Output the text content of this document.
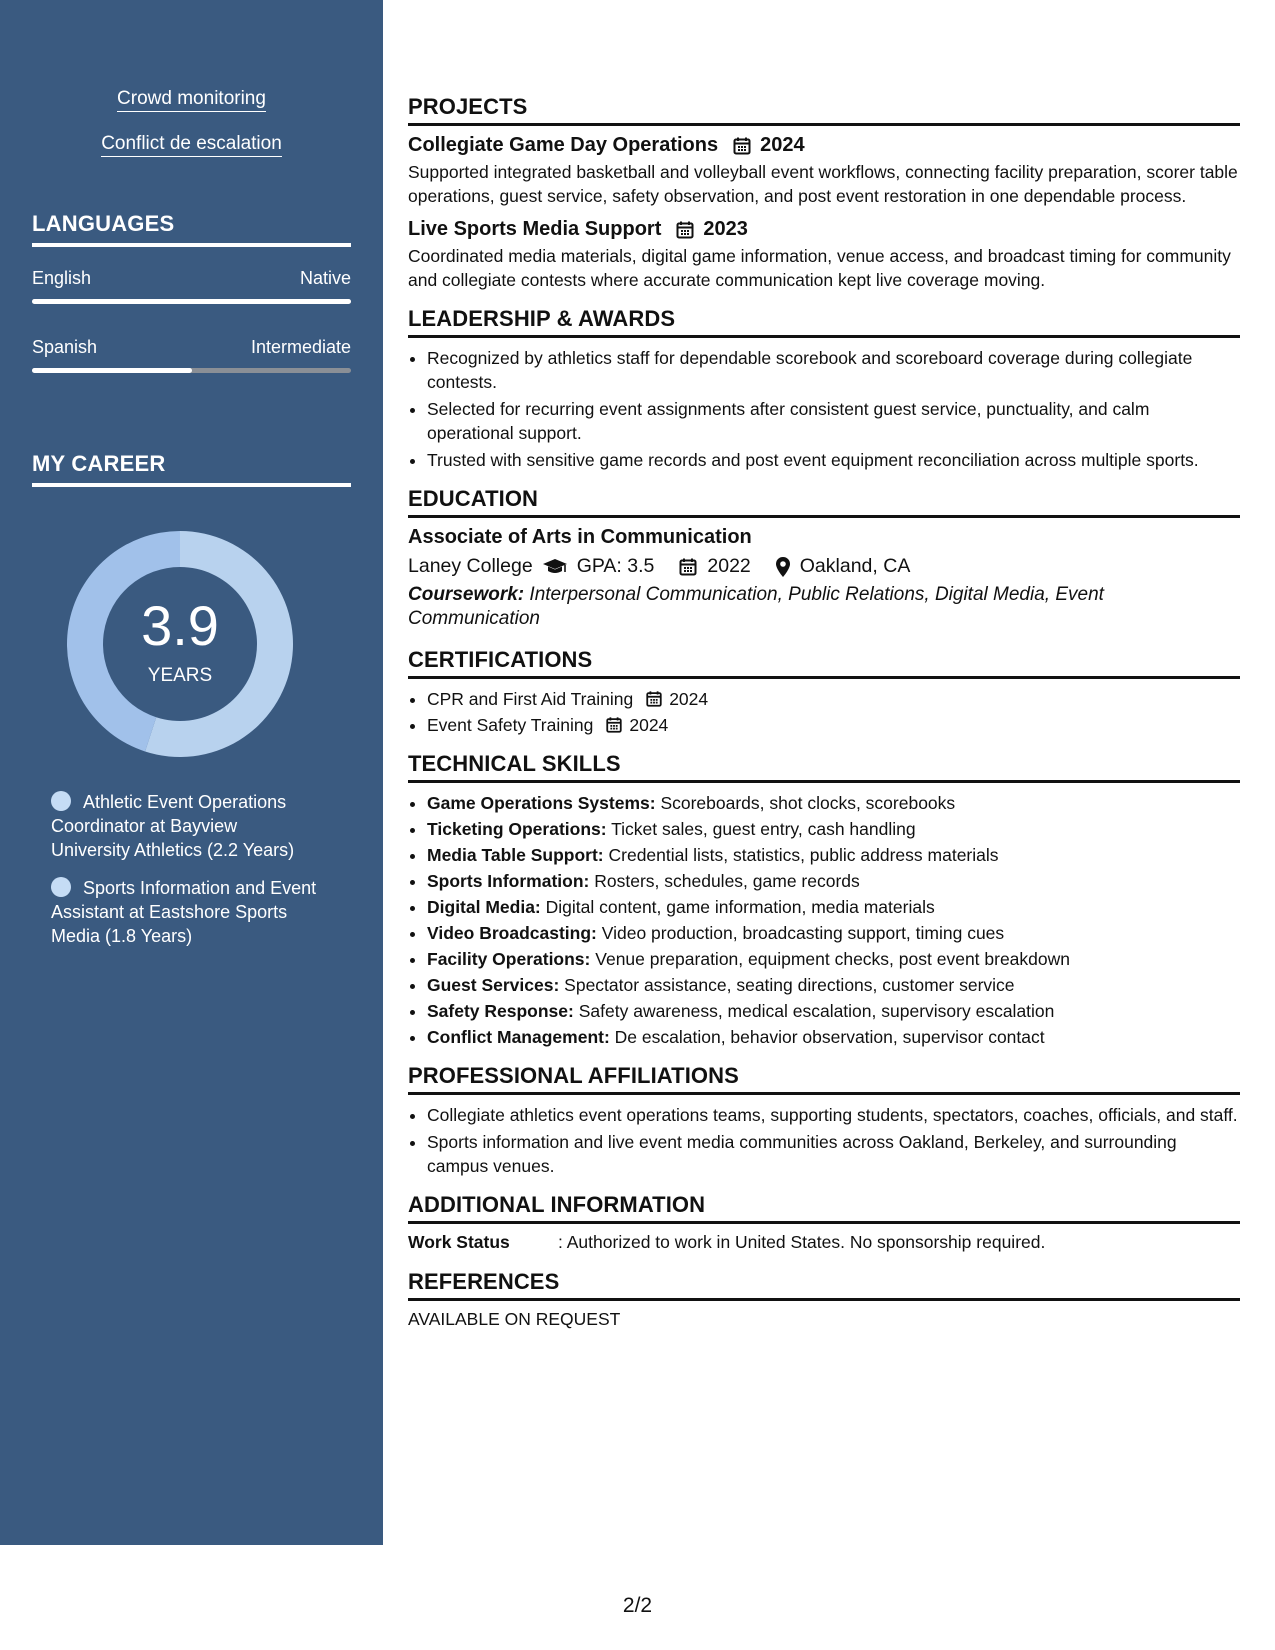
Crowd monitoring
Conflict de escalation
LANGUAGES
English	Native
Spanish	Intermediate
MY CAREER
3.9
YEARS
Athletic Event Operations Coordinator at Bayview University Athletics (2.2 Years)
Sports Information and Event Assistant at Eastshore Sports Media (1.8 Years)
PROJECTS
Collegiate Game Day Operations 2024
Supported integrated basketball and volleyball event workflows, connecting facility preparation, scorer table operations, guest service, safety observation, and post event restoration in one dependable process.
Live Sports Media Support 2023
Coordinated media materials, digital game information, venue access, and broadcast timing for community and collegiate contests where accurate communication kept live coverage moving.
LEADERSHIP & AWARDS
• Recognized by athletics staff for dependable scorebook and scoreboard coverage during collegiate contests.
• Selected for recurring event assignments after consistent guest service, punctuality, and calm operational support.
• Trusted with sensitive game records and post event equipment reconciliation across multiple sports.
EDUCATION
Associate of Arts in Communication
Laney College GPA: 3.5	2022	Oakland, CA
Coursework: Interpersonal Communication, Public Relations, Digital Media, Event Communication
CERTIFICATIONS
• CPR and First Aid Training 2024
• Event Safety Training 2024
TECHNICAL SKILLS
• Game Operations Systems: Scoreboards, shot clocks, scorebooks
• Ticketing Operations: Ticket sales, guest entry, cash handling
• Media Table Support: Credential lists, statistics, public address materials
• Sports Information: Rosters, schedules, game records
• Digital Media: Digital content, game information, media materials
• Video Broadcasting: Video production, broadcasting support, timing cues
• Facility Operations: Venue preparation, equipment checks, post event breakdown
• Guest Services: Spectator assistance, seating directions, customer service
• Safety Response: Safety awareness, medical escalation, supervisory escalation
• Conflict Management: De escalation, behavior observation, supervisor contact
PROFESSIONAL AFFILIATIONS
• Collegiate athletics event operations teams, supporting students, spectators, coaches, officials, and staff.
• Sports information and live event media communities across Oakland, Berkeley, and surrounding campus venues.
ADDITIONAL INFORMATION
Work Status	: Authorized to work in United States. No sponsorship required.
REFERENCES
AVAILABLE ON REQUEST
2/2
